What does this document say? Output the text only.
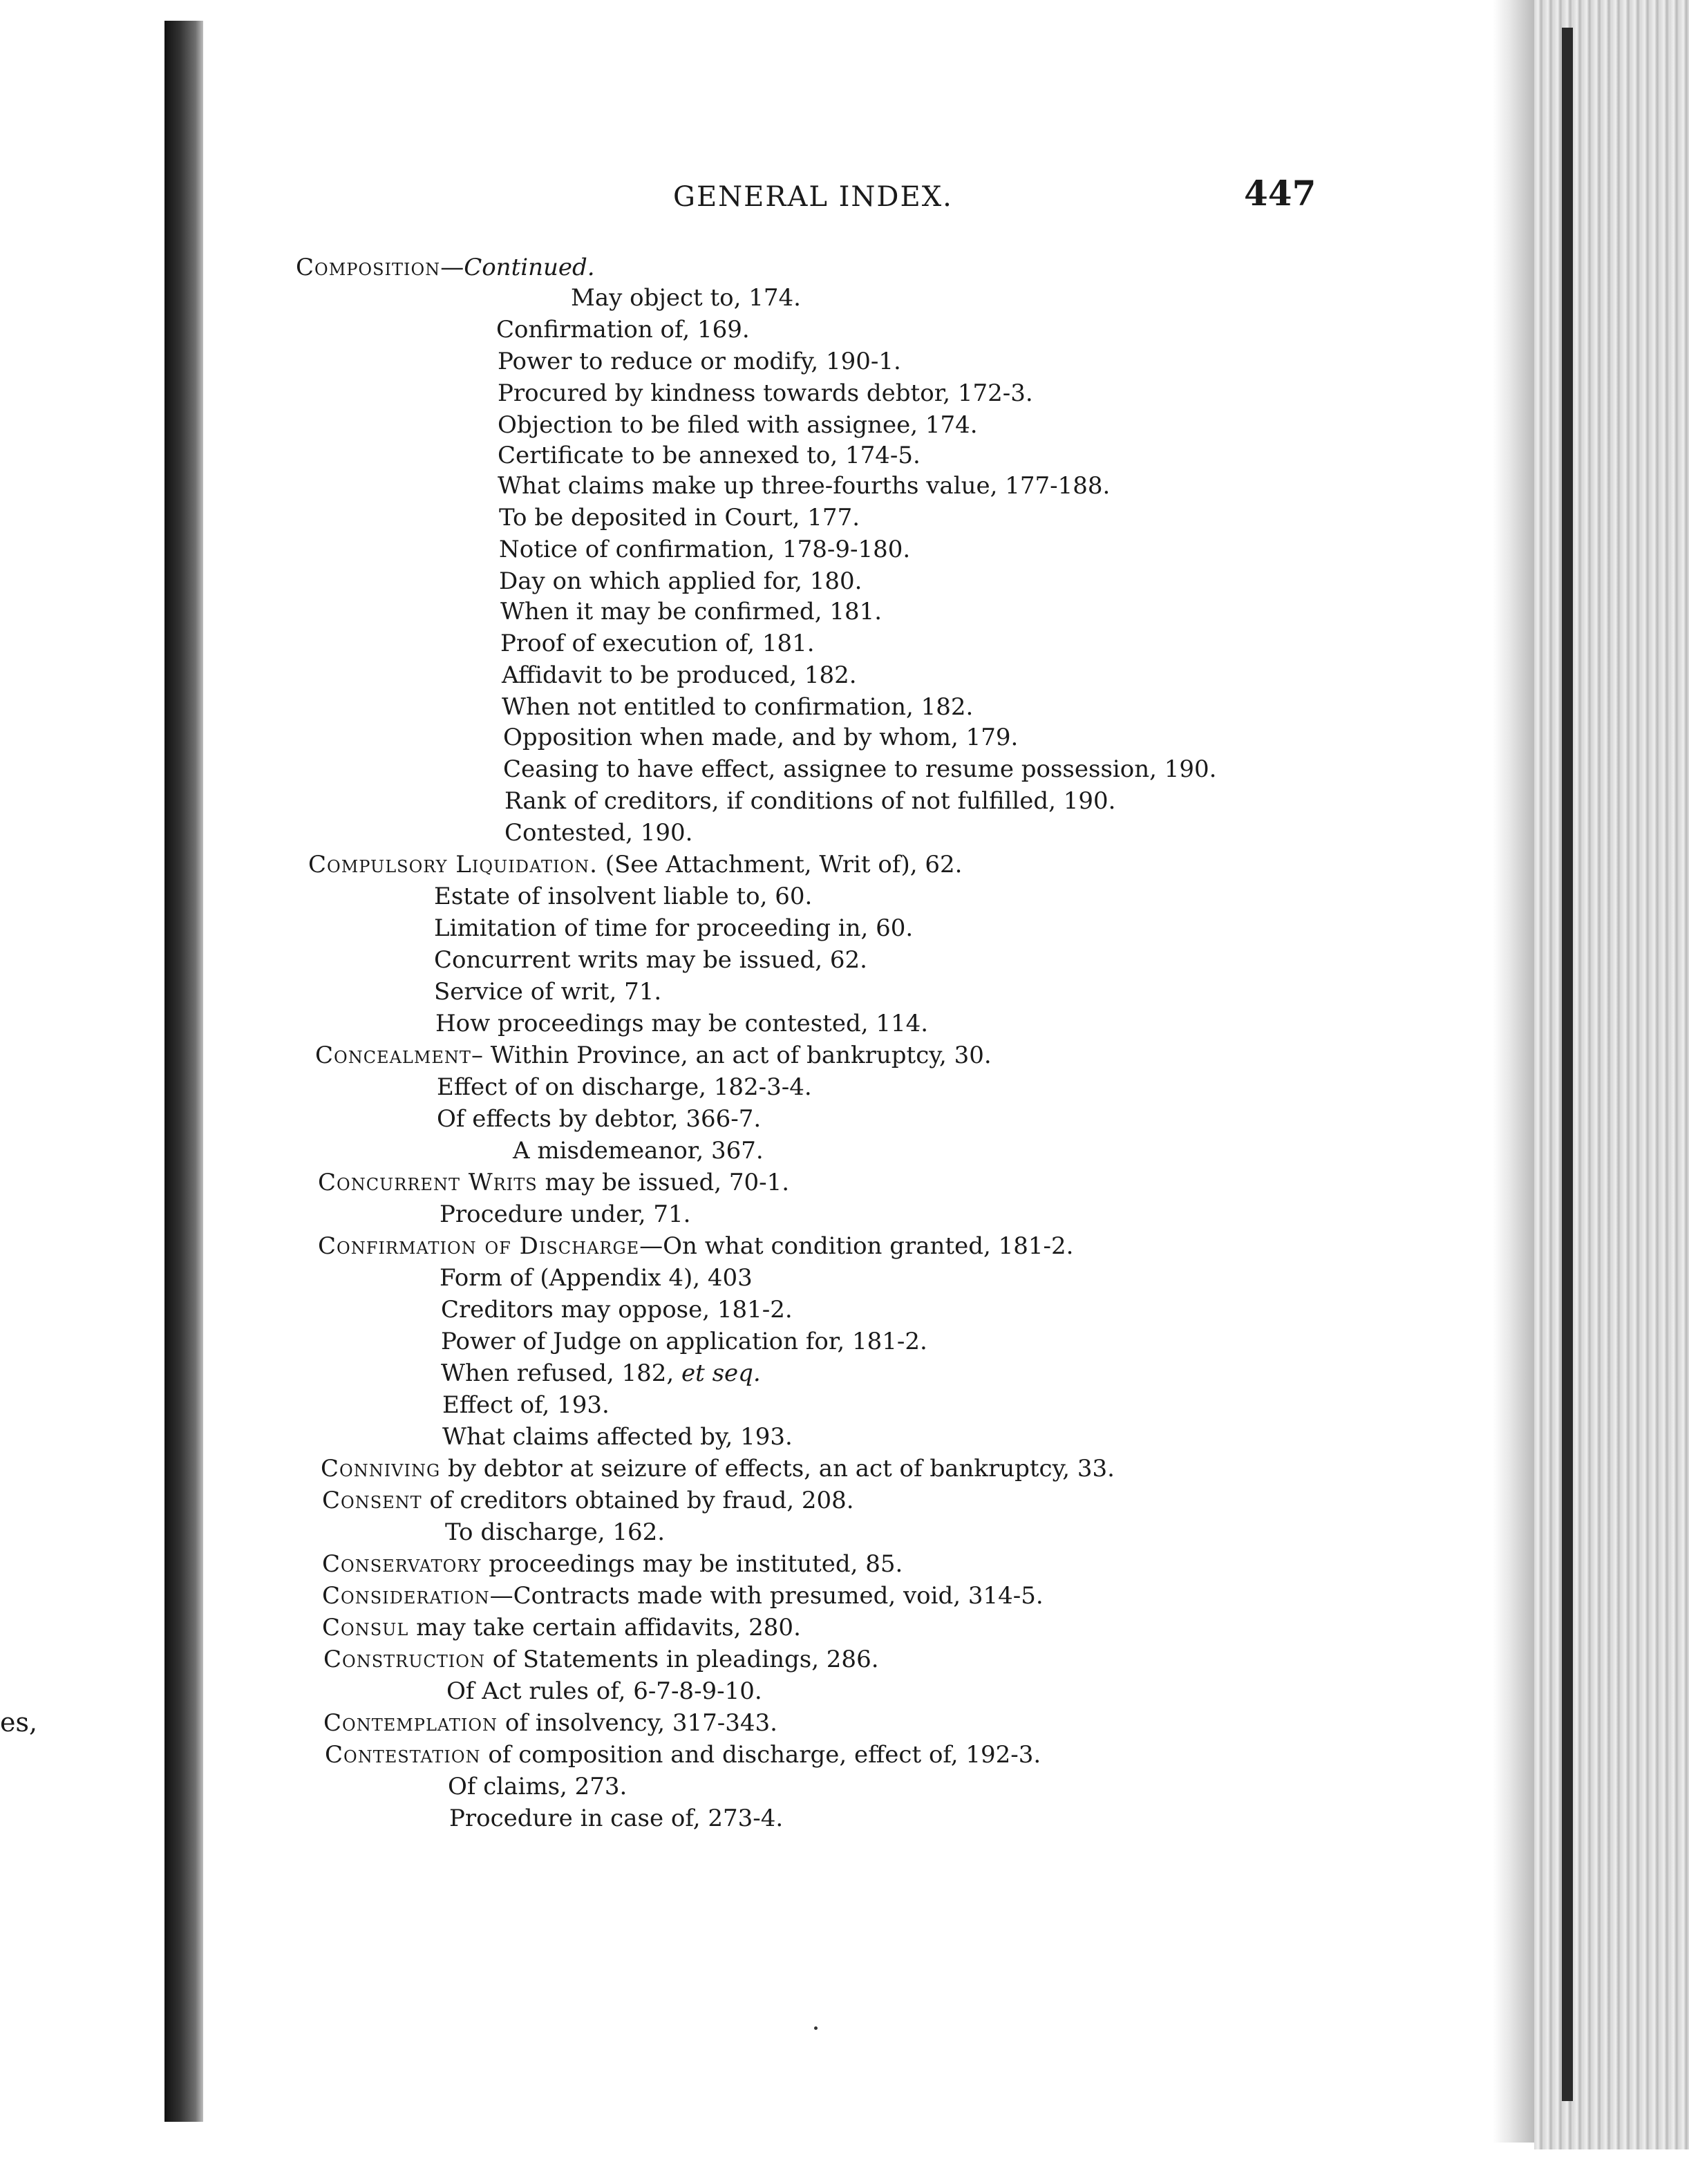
es,
GENERAL INDEX.	447
Composition—Continued.
May object to, 174.
Confirmation of, 169.
Power to reduce or modify, 190-1.
Procured by kindness towards debtor, 172-3.
Objection to be filed with assignee, 174.
Certificate to be annexed to, 174-5.
What claims make up three-fourths value, 177-188.
To be deposited in Court, 177.
Notice of confirmation, 178-9-180.
Day on which applied for, 180.
When it may be confirmed, 181.
Proof of execution of, 181.
Affidavit to be produced, 182.
When not entitled to confirmation, 182.
Opposition when made, and by whom, 179.
Ceasing to have effect, assignee to resume possession, 190.
Rank of creditors, if conditions of not fulfilled, 190.
Contested, 190.
Compulsory Liquidation. (See Attachment, Writ of), 62.
Estate of insolvent liable to, 60.
Limitation of time for proceeding in, 60.
Concurrent writs may be issued, 62.
Service of writ, 71.
How proceedings may be contested, 114.
Concealment– Within Province, an act of bankruptcy, 30.
Effect of on discharge, 182-3-4.
Of effects by debtor, 366-7.
A misdemeanor, 367.
Concurrent Writs may be issued, 70-1.
Procedure under, 71.
Confirmation of Discharge—On what condition granted, 181-2.
Form of (Appendix 4), 403
Creditors may oppose, 181-2.
Power of Judge on application for, 181-2.
When refused, 182, et seq.
Effect of, 193.
What claims affected by, 193.
Conniving by debtor at seizure of effects, an act of bankruptcy, 33.
Consent of creditors obtained by fraud, 208.
To discharge, 162.
Conservatory proceedings may be instituted, 85.
Consideration—Contracts made with presumed, void, 314-5.
Consul may take certain affidavits, 280.
Construction of Statements in pleadings, 286.
Of Act rules of, 6-7-8-9-10.
Contemplation of insolvency, 317-343.
Contestation of composition and discharge, effect of, 192-3.
Of claims, 273.
Procedure in case of, 273-4.
